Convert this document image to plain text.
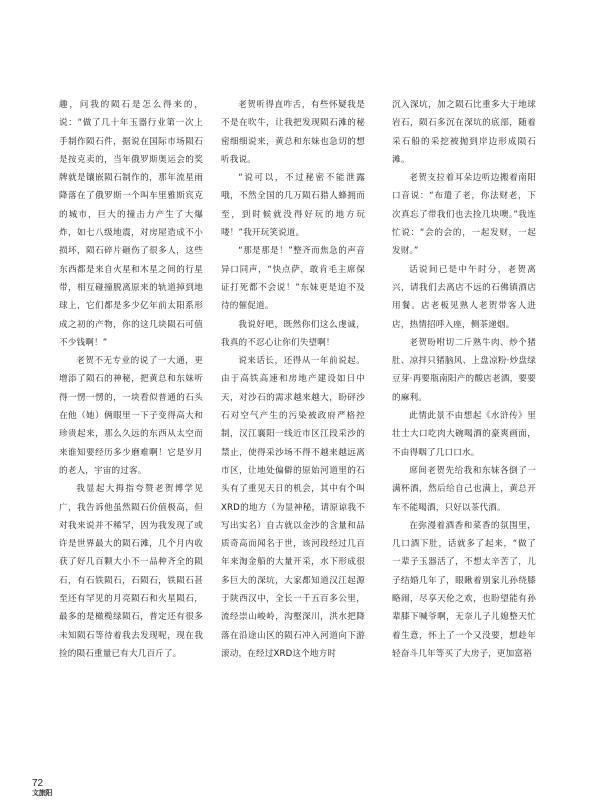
趣，问我的陨石是怎么得来的，说：“做了几十年玉器行业第一次上手制作陨石件，据说在国际市场陨石是按克卖的，当年俄罗斯奥运会的奖牌就是镶嵌陨石制作的，那年流星雨降落在了俄罗斯一个叫车里雅斯宾克的城市，巨大的撞击力产生了大爆炸，如七八级地震，对房屋造成不小损坏，陨石碎片砸伤了很多人，这些东西都是来自火星和木星之间的行星带，相互碰撞脱离原来的轨道掉到地球上，它们都是多少亿年前太阳系形成之初的产物，你的这几块陨石可值不少钱啊！”

老贺不无专业的说了一大通，更增添了陨石的神秘，把黄总和东妹听得一愣一愣的，一块看似普通的石头在他（她）俩眼里一下子变得高大和珍贵起来，那么久远的东西从太空而来谁知要经历多少磨难啊！它是岁月的老人，宇宙的过客。

我显起大拇指夸赞老贺博学见广，我告诉他虽然陨石价值极高，但对我来说并不稀罕，因为我发现了或许是世界最大的陨石滩，几个月内收获了好几百颗大小不一品种齐全的陨石，有石铁陨石，石陨石，铁陨石甚至还有罕见的月亮陨石和火星陨石，最多的是橄榄绿陨石，普定还有很多未知陨石等待着我去发现呢，现在我捡的陨石重量已有大几百斤了。

老贺听得直咋舌，有些怀疑我是不是在吹牛，让我把发现陨石滩的秘密细细说来，黄总和东妹也急切的想听我说。

“说可以，不过秘密不能泄露哦，不然全国的几万陨石猎人蜂拥而至，到时候就没得好玩的地方玩喽！”我开玩笑说道。

“那是那是！”整齐而焦急的声音异口同声，“快点萨，敢肯毛主席保证打死都不会说！”东妹更是迫不及待的催促道。

我说好吧，既然你们这么虔诚，我真的不忍心让你们失望啊！

说来话长，还得从一年前说起。由于高铁高速和房地产建设如日中天，对沙石的需求越来越大，盼砰沙石对空气产生的污染被政府严格控制，汉江襄阳一线近市区江段采沙的禁止，使得采沙场不得不越来越远离市区，让地处偏僻的原始河道里的石头有了重见天日的机会，其中有个叫XRD的地方（为显神秘，请原谅我不写出实名）自古就以金沙的含量和品质奇高而闻名于世，该河段经过几百年来淘金船的大量开采，水下形成很多巨大的深坑，大家都知道汉江起源于陕西汉中，全长一千五百多公里，流经崇山峻岭，沟壑深川，洪水把降落在沿途山区的陨石冲入河道向下游滚动，在经过XRD这个地方时

沉入深坑，加之陨石比重多大于地球岩石，陨石多沉在深坑的底部，随着采石船的采挖被抛到岸边形成陨石滩。

老贺支拉着耳朵边听边搬着南阳口音说：“布遣了老，你法财老，下次真忘了带我们也去捡几块噢。”我连忙说：“会的会的，一起发财，一起发财。”

话说间已是中午时分，老贺离兴，请我们去离店不远的石佛镇酒店用餐。店老板见熟人老贺带客人进店，热情招呼入座，侧茶递烟。

老贺吩咐切二斤熟牛肉、炒个猪肚、凉拌只猪脑风、上盘凉粉·炒盘绿豆芽·再要瓶南阳产的酸店老酒，要要的麻利。

此情此景不由想起《水浒传》里壮士大口吃肉大碗喝酒的豪爽画面，不由得咽了几口口水。

席间老贺先给我和东妹各倒了一满杯酒，然后给自己也满上，黄总开车不能喝酒，只好以茶代酒。

在弥漫着酒香和菜香的氛围里，几口酒下肚，话就多了起来，“做了一辈子玉器活了，不想太辛苦了，儿子结婚几年了，眼瞅着别家儿孙绕膝略闹，尽享天伦之欢，也盼望能有孙辈膝下喊爷啊，无奈儿子儿媳整天忙着生意，怀上了一个又没要，想趁年轻奋斗几年等买了大房子，更加富裕

72
文旅阳
